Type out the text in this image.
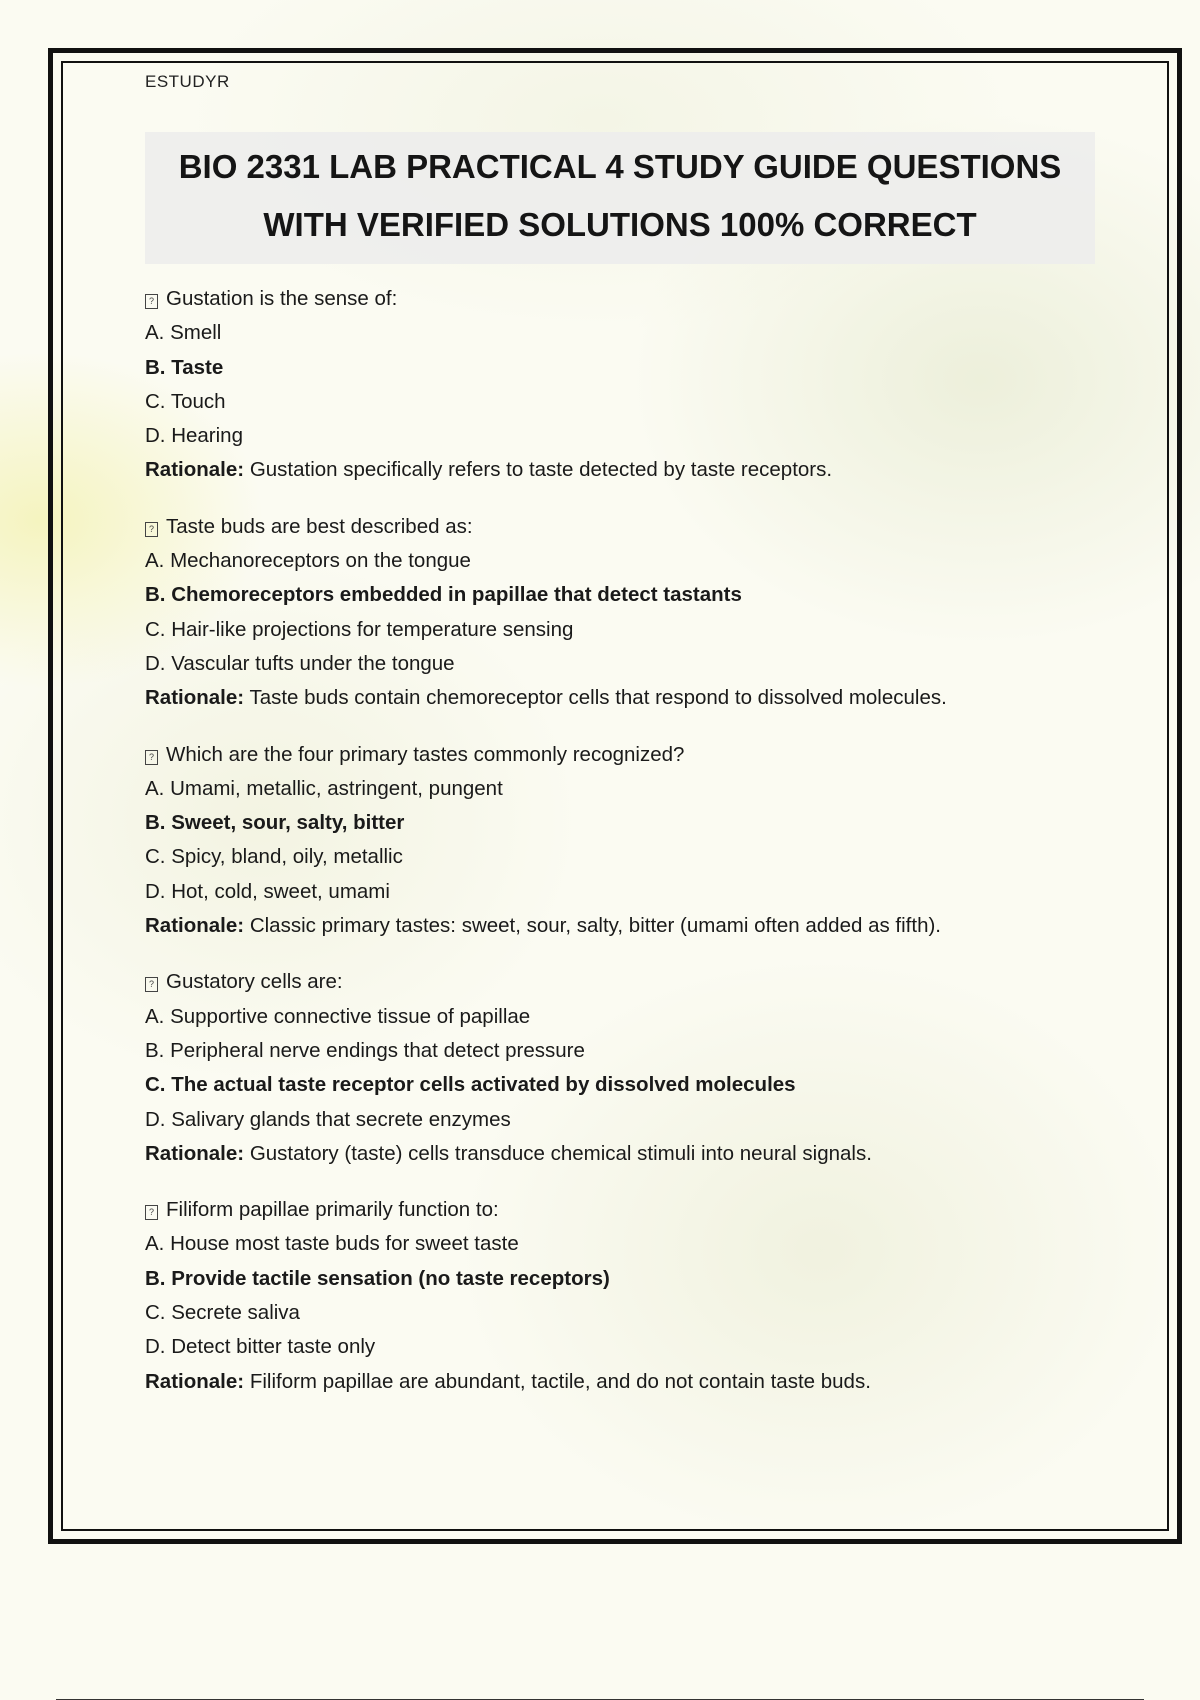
ESTUDYR
BIO 2331 LAB PRACTICAL 4 STUDY GUIDE QUESTIONS
WITH VERIFIED SOLUTIONS 100% CORRECT
? Gustation is the sense of:
A. Smell
B. Taste
C. Touch
D. Hearing
Rationale: Gustation specifically refers to taste detected by taste receptors.
? Taste buds are best described as:
A. Mechanoreceptors on the tongue
B. Chemoreceptors embedded in papillae that detect tastants
C. Hair-like projections for temperature sensing
D. Vascular tufts under the tongue
Rationale: Taste buds contain chemoreceptor cells that respond to dissolved molecules.
? Which are the four primary tastes commonly recognized?
A. Umami, metallic, astringent, pungent
B. Sweet, sour, salty, bitter
C. Spicy, bland, oily, metallic
D. Hot, cold, sweet, umami
Rationale: Classic primary tastes: sweet, sour, salty, bitter (umami often added as fifth).
? Gustatory cells are:
A. Supportive connective tissue of papillae
B. Peripheral nerve endings that detect pressure
C. The actual taste receptor cells activated by dissolved molecules
D. Salivary glands that secrete enzymes
Rationale: Gustatory (taste) cells transduce chemical stimuli into neural signals.
? Filiform papillae primarily function to:
A. House most taste buds for sweet taste
B. Provide tactile sensation (no taste receptors)
C. Secrete saliva
D. Detect bitter taste only
Rationale: Filiform papillae are abundant, tactile, and do not contain taste buds.
